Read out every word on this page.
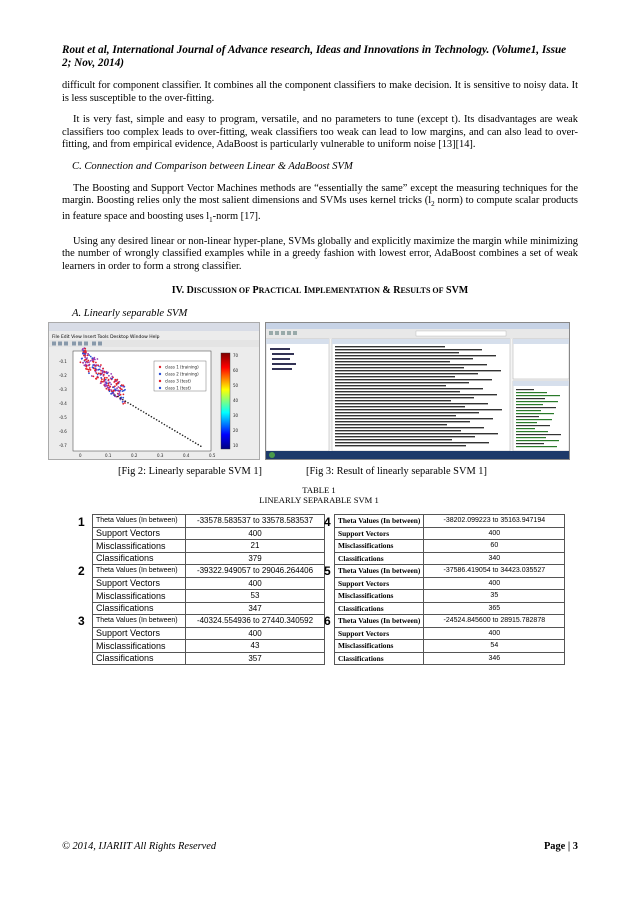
Rout et al, International Journal of Advance research, Ideas and Innovations in Technology. (Volume1, Issue 2; Nov, 2014)

difficult for component classifier. It combines all the component classifiers to make decision. It is sensitive to noisy data. It is less susceptible to the over-fitting.

It is very fast, simple and easy to program, versatile, and no parameters to tune (except t). Its disadvantages are weak classifiers too complex leads to over-fitting, weak classifiers too weak can lead to low margins, and can also lead to over-fitting, and from empirical evidence, AdaBoost is particularly vulnerable to uniform noise [13][14].

C. Connection and Comparison between Linear & AdaBoost SVM

The Boosting and Support Vector Machines methods are “essentially the same” except the measuring techniques for the margin. Boosting relies only the most salient dimensions and SVMs uses kernel tricks ($l_2$ norm) to compute scalar products in feature space and boosting uses $l_1$-norm [17].

Using any desired linear or non-linear hyper-plane, SVMs globally and explicitly maximize the margin while minimizing the number of wrongly classified examples while in a greedy fashion with lowest error, AdaBoost combines a set of weak learners in order to form a strong classifier.

IV. DISCUSSION OF PRACTICAL IMPLEMENTATION & RESULTS OF SVM

A. Linearly separable SVM

File Edit View Insert Tools Desktop Window Help
-0.1
-0.2
-0.3
-0.4
-0.5
-0.6
-0.7
0	0.1	0.2	0.3	0.4	0.5
class 1 (training)
class 2 (training)
class 3 (test)
class 1 (test)
70
60
50
40
30
20
10
[Fig 2: Linearly separable SVM 1]	[Fig 3: Result of linearly separable SVM 1]
TABLE 1
LINEARLY SEPARABLE SVM 1
1 Theta Values (In between)	-33578.583537 to 33578.583537
Support Vectors	400
Misclassifications	21
Classifications	379
Theta Values (In between)	-39322.949057 to 29046.264406
Support Vectors	400
Misclassifications	53
Classifications	347
Theta Values (In between)	-40324.554936 to 27440.340592
Support Vectors	400
Misclassifications	43
Classifications	357
2
3
4 Theta Values (In between)	-38202.099223 to 35163.947194
Support Vectors	400
Misclassifications	60
Classifications	340
Theta Values (In between)	-37586.419054 to 34423.035527
Support Vectors	400
Misclassifications	35
Classifications	365
Theta Values (In between)	-24524.845600 to 28915.782878
Support Vectors	400
Misclassifications	54
Classifications	346
5
6
© 2014, IJARIIT All Rights Reserved	Page | 3
